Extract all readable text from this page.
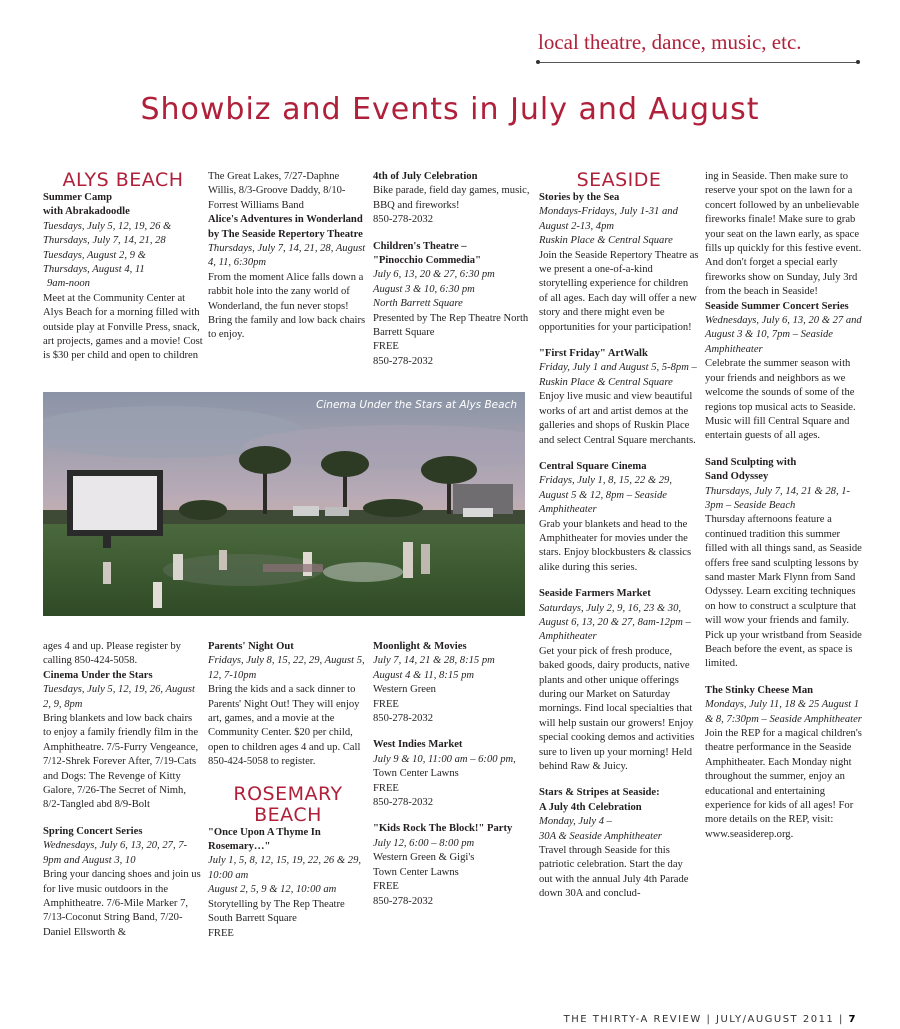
local theatre, dance, music, etc.
Showbiz and Events in July and August

ALYS BEACH

Summer Camp

with Abrakadoodle

Tuesdays, July 5, 12, 19, 26 &

Thursdays, July 7, 14, 21, 28

Tuesdays, August 2, 9 &

Thursdays, August 4, 11

9am-noon

Meet at the Community Center at Alys Beach for a morning filled with outside play at Fonville Press, snack, art projects, games and a movie! Cost is $30 per child and open to children

The Great Lakes, 7/27-Daphne Willis, 8/3-Groove Daddy, 8/10-Forrest Williams Band

Alice's Adventures in Wonderland by The Seaside Repertory Theatre

Thursdays, July 7, 14, 21, 28, August 4, 11, 6:30pm

From the moment Alice falls down a rabbit hole into the zany world of Wonderland, the fun never stops! Bring the family and low back chairs to enjoy.

4th of July Celebration

Bike parade, field day games, music, BBQ and fireworks!

850-278-2032

Children's Theatre –

"Pinocchio Commedia"

July 6, 13, 20 & 27, 6:30 pm

August 3 & 10, 6:30 pm

North Barrett Square

Presented by The Rep Theatre North Barrett Square

FREE

850-278-2032

Cinema Under the Stars at Alys Beach

ages 4 and up. Please register by calling 850-424-5058.

Cinema Under the Stars

Tuesdays, July 5, 12, 19, 26, August 2, 9, 8pm

Bring blankets and low back chairs to enjoy a family friendly film in the Amphitheatre. 7/5-Furry Vengeance, 7/12-Shrek Forever After, 7/19-Cats and Dogs: The Revenge of Kitty Galore, 7/26-The Secret of Nimh, 8/2-Tangled abd 8/9-Bolt

Spring Concert Series

Wednesdays, July 6, 13, 20, 27, 7-9pm and August 3, 10

Bring your dancing shoes and join us for live music outdoors in the Amphitheatre. 7/6-Mile Marker 7, 7/13-Coconut String Band, 7/20-Daniel Ellsworth &

Parents' Night Out

Fridays, July 8, 15, 22, 29, August 5, 12, 7-10pm

Bring the kids and a sack dinner to Parents' Night Out! They will enjoy art, games, and a movie at the Community Center. $20 per child, open to children ages 4 and up. Call 850-424-5058 to register.

ROSEMARY

BEACH

"Once Upon A Thyme In Rosemary…"

July 1, 5, 8, 12, 15, 19, 22, 26 & 29, 10:00 am

August 2, 5, 9 & 12, 10:00 am

Storytelling by The Rep Theatre South Barrett Square

FREE

Moonlight & Movies

July 7, 14, 21 & 28, 8:15 pm

August 4 & 11, 8:15 pm

Western Green

FREE

850-278-2032

West Indies Market

July 9 & 10, 11:00 am – 6:00 pm,

Town Center Lawns

FREE

850-278-2032

"Kids Rock The Block!" Party

July 12, 6:00 – 8:00 pm

Western Green & Gigi's

Town Center Lawns

FREE

850-278-2032

SEASIDE

Stories by the Sea

Mondays-Fridays, July 1-31 and August 2-13, 4pm

Ruskin Place & Central Square

Join the Seaside Repertory Theatre as we present a one-of-a-kind storytelling experience for children of all ages. Each day will offer a new story and there might even be opportunities for your participation!

"First Friday" ArtWalk

Friday, July 1 and August 5, 5-8pm – Ruskin Place & Central Square

Enjoy live music and view beautiful works of art and artist demos at the galleries and shops of Ruskin Place and select Central Square merchants.

Central Square Cinema

Fridays, July 1, 8, 15, 22 & 29, August 5 & 12, 8pm – Seaside Amphitheater

Grab your blankets and head to the Amphitheater for movies under the stars. Enjoy blockbusters & classics alike during this series.

Seaside Farmers Market

Saturdays, July 2, 9, 16, 23 & 30, August 6, 13, 20 & 27, 8am-12pm – Amphitheater

Get your pick of fresh produce, baked goods, dairy products, native plants and other unique offerings during our Market on Saturday mornings. Find local specialties that will help sustain our growers! Enjoy special cooking demos and activities sure to liven up your morning! Held behind Raw & Juicy.

Stars & Stripes at Seaside:

A July 4th Celebration

Monday, July 4 –

30A & Seaside Amphitheater

Travel through Seaside for this patriotic celebration. Start the day out with the annual July 4th Parade down 30A and conclud-

ing in Seaside. Then make sure to reserve your spot on the lawn for a concert followed by an unbelievable fireworks finale! Make sure to grab your seat on the lawn early, as space fills up quickly for this festive event. And don't forget a special early fireworks show on Sunday, July 3rd from the beach in Seaside!

Seaside Summer Concert Series

Wednesdays, July 6, 13, 20 & 27 and August 3 & 10, 7pm – Seaside Amphitheater

Celebrate the summer season with your friends and neighbors as we welcome the sounds of some of the regions top musical acts to Seaside. Music will fill Central Square and entertain guests of all ages.

Sand Sculpting with

Sand Odyssey

Thursdays, July 7, 14, 21 & 28, 1-3pm – Seaside Beach

Thursday afternoons feature a continued tradition this summer filled with all things sand, as Seaside offers free sand sculpting lessons by sand master Mark Flynn from Sand Odyssey. Learn exciting techniques on how to construct a sculpture that will wow your friends and family. Pick up your wristband from Seaside Beach before the event, as space is limited.

The Stinky Cheese Man

Mondays, July 11, 18 & 25 August 1 & 8, 7:30pm – Seaside Amphitheater

Join the REP for a magical children's theatre performance in the Seaside Amphitheater. Each Monday night throughout the summer, enjoy an educational and entertaining experience for kids of all ages! For more details on the REP, visit: www.seasiderep.org.

THE THIRTY-A REVIEW | JULY/AUGUST 2011 | 7
